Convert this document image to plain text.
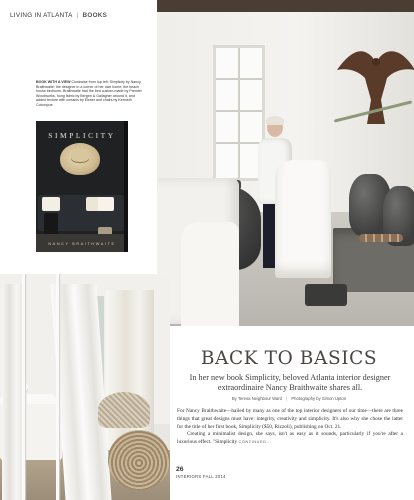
LIVING IN ATLANTA | BOOKS
BOOK WITH A VIEW Clockwise from top left: Simplicity by Nancy Braithwaite; the designer in a corner of her own home; the beach house bedroom. Braithwaite had the bed custom-made by Premier Woodworks, hung fabric by Bergen & Gallagher around it, and added texture with curtains by Elsner and chairs by Kenneth Cobonpue.
SIMPLICITY
NANCY BRAITHWAITE
BACK TO BASICS

In her new book Simplicity, beloved Atlanta interior designer extraordinaire Nancy Braithwaite shares all.

By Teresa Neighbour Ward | Photography by Simon Upton

For Nancy Braithwaite—hailed by many as one of the top interior designers of our time—there are three things that great designs must have: integrity, creativity and simplicity. It's also why she chose the latter for the title of her first book, Simplicity ($50, Rizzoli), publishing on Oct. 21.

Creating a minimalist design, she says, isn't as easy as it sounds, particularly if you're after a luxurious effect. "Simplicity CONTINUED...

26
INTERIORS FALL 2014
